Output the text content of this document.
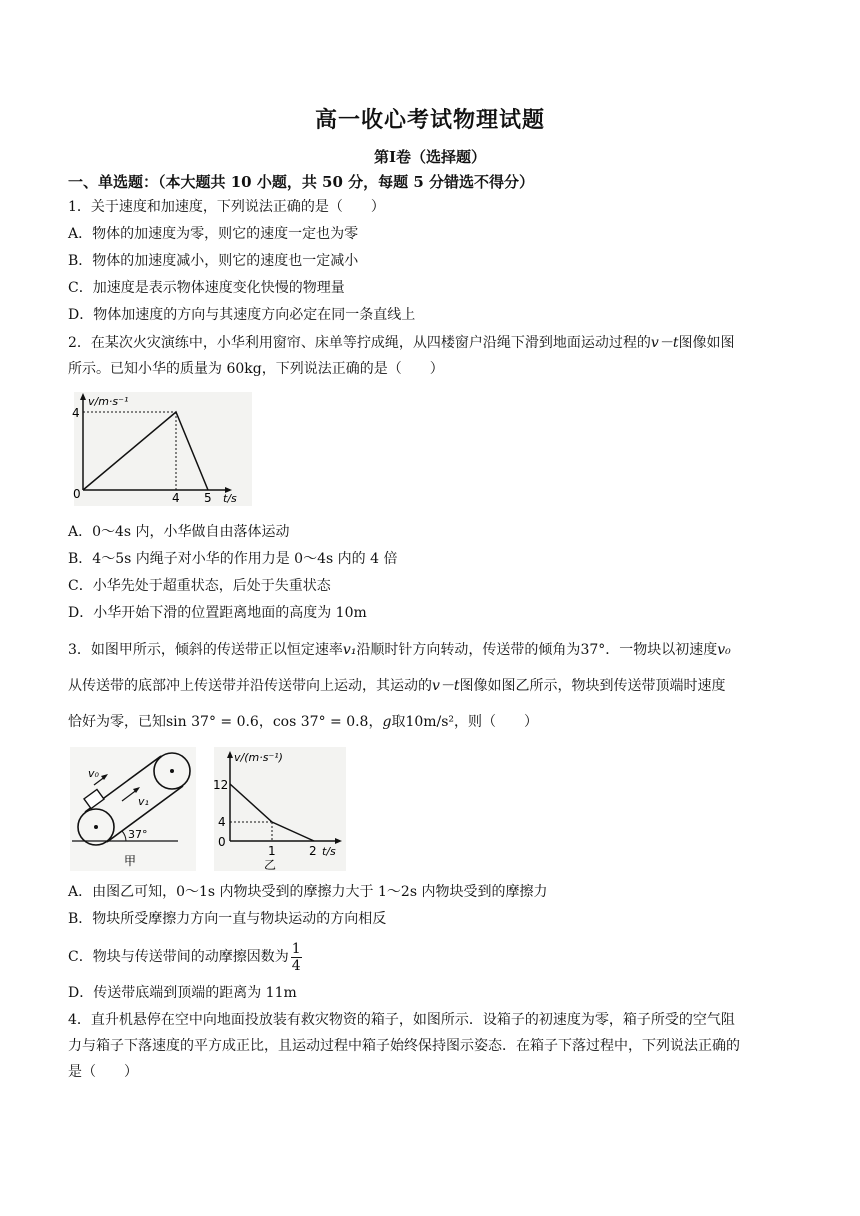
高一收心考试物理试题
第Ⅰ卷（选择题）
一、单选题：（本大题共 10 小题，共 50 分，每题 5 分错选不得分）
1．关于速度和加速度，下列说法正确的是（　　）
A．物体的加速度为零，则它的速度一定也为零
B．物体的加速度减小，则它的速度也一定减小
C．加速度是表示物体速度变化快慢的物理量
D．物体加速度的方向与其速度方向必定在同一条直线上
2．在某次火灾演练中，小华利用窗帘、床单等拧成绳，从四楼窗户沿绳下滑到地面运动过程的v－t图像如图
所示。已知小华的质量为 60kg，下列说法正确的是（　　）
v/m·s⁻¹
4
0	4 5 t/s
A．0～4s 内，小华做自由落体运动
B．4～5s 内绳子对小华的作用力是 0～4s 内的 4 倍
C．小华先处于超重状态，后处于失重状态
D．小华开始下滑的位置距离地面的高度为 10m
3．如图甲所示，倾斜的传送带正以恒定速率v₁沿顺时针方向转动，传送带的倾角为37°．一物块以初速度v₀
从传送带的底部冲上传送带并沿传送带向上运动，其运动的v－t图像如图乙所示，物块到传送带顶端时速度
恰好为零，已知sin 37° = 0.6，cos 37° = 0.8，g取10m/s²，则（　　）
v₀
v₁
37°
甲
v/(m·s⁻¹)
12
4
0
1	2 t/s
乙
A．由图乙可知，0～1s 内物块受到的摩擦力大于 1～2s 内物块受到的摩擦力
B．物块所受摩擦力方向一直与物块运动的方向相反
C．物块与传送带间的动摩擦因数为 $\frac{1}{4}$
D．传送带底端到顶端的距离为 11m
4．直升机悬停在空中向地面投放装有救灾物资的箱子，如图所示．设箱子的初速度为零，箱子所受的空气阻
力与箱子下落速度的平方成正比，且运动过程中箱子始终保持图示姿态．在箱子下落过程中，下列说法正确的
是（　　）
